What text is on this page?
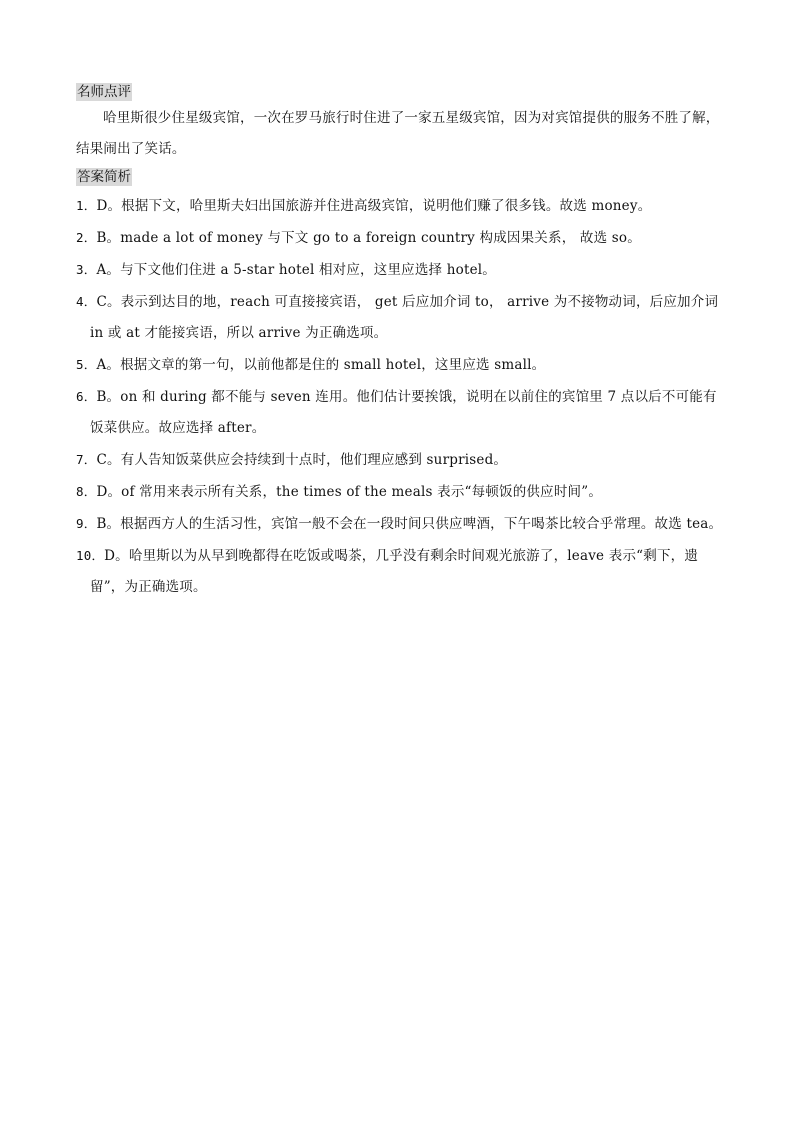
名师点评

哈里斯很少住星级宾馆，一次在罗马旅行时住进了一家五星级宾馆，因为对宾馆提供的服务不胜了解，结果闹出了笑话。

答案简析
1．D。根据下文，哈里斯夫妇出国旅游并住进高级宾馆，说明他们赚了很多钱。故选 money。
2．B。made a lot of money 与下文 go to a foreign country 构成因果关系， 故选 so。
3．A。与下文他们住进 a 5-star hotel 相对应，这里应选择 hotel。
4．C。表示到达目的地，reach 可直接接宾语， get 后应加介词 to， arrive 为不接物动词，后应加介词 in 或 at 才能接宾语，所以 arrive 为正确选项。
5．A。根据文章的第一句，以前他都是住的 small hotel，这里应选 small。
6．B。on 和 during 都不能与 seven 连用。他们估计要挨饿，说明在以前住的宾馆里 7 点以后不可能有饭菜供应。故应选择 after。
7．C。有人告知饭菜供应会持续到十点时，他们理应感到 surprised。
8．D。of 常用来表示所有关系，the times of the meals 表示“每顿饭的供应时间”。
9．B。根据西方人的生活习性，宾馆一般不会在一段时间只供应啤酒，下午喝茶比较合乎常理。故选 tea。
10．D。哈里斯以为从早到晚都得在吃饭或喝茶，几乎没有剩余时间观光旅游了，leave 表示“剩下，遗留”，为正确选项。
